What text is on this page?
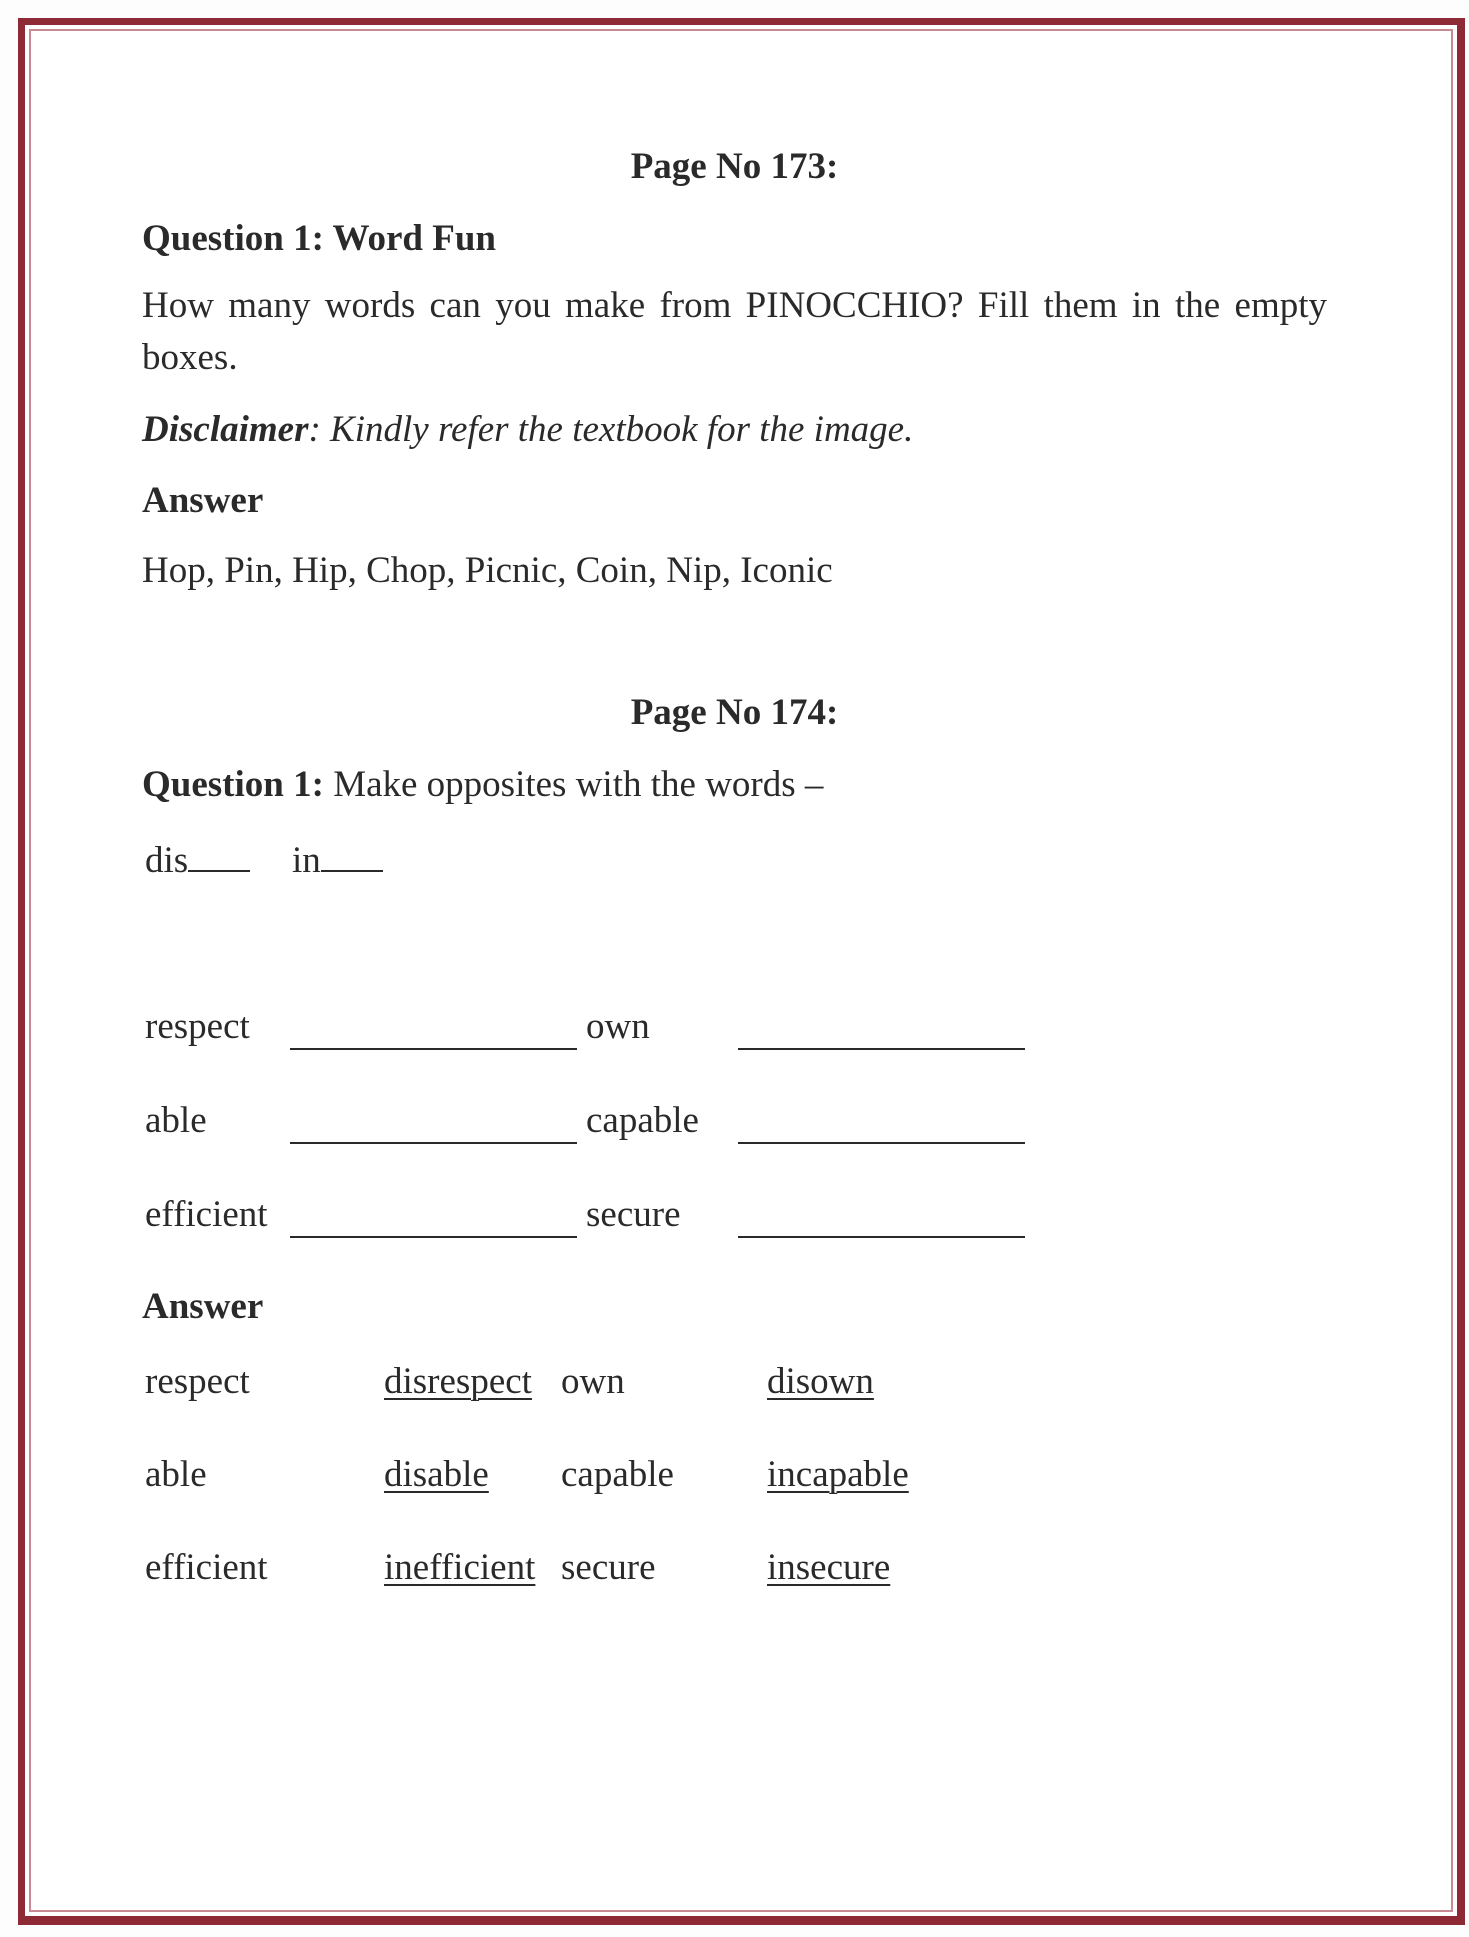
Page No 173:
Question 1: Word Fun
How many words can you make from PINOCCHIO? Fill them in the empty boxes.
Disclaimer: Kindly refer the textbook for the image.
Answer
Hop, Pin, Hip, Chop, Picnic, Coin, Nip, Iconic
Page No 174:
Question 1: Make opposites with the words –
dis	in
respect	own
able	capable
efficient	secure
Answer
respect	disrespect own	disown
able	disable capable	incapable
efficient	inefficient secure	insecure
